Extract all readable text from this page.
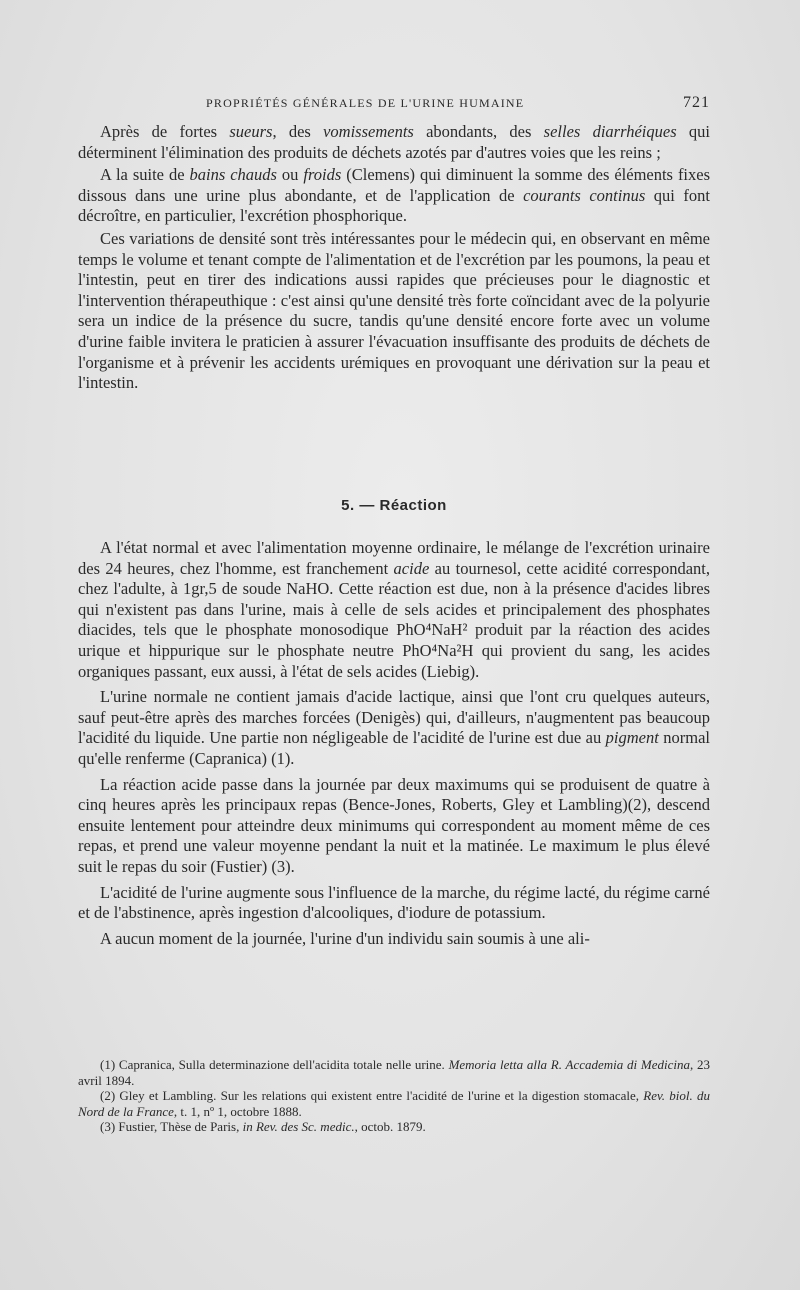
PROPRIÉTÉS GÉNÉRALES DE L'URINE HUMAINE	721

Après de fortes sueurs, des vomissements abondants, des selles diarrhéiques qui déterminent l'élimination des produits de déchets azotés par d'autres voies que les reins ;

A la suite de bains chauds ou froids (Clemens) qui diminuent la somme des éléments fixes dissous dans une urine plus abondante, et de l'application de courants continus qui font décroître, en particulier, l'excrétion phosphorique.

Ces variations de densité sont très intéressantes pour le médecin qui, en observant en même temps le volume et tenant compte de l'alimentation et de l'excrétion par les poumons, la peau et l'intestin, peut en tirer des indications aussi rapides que précieuses pour le diagnostic et l'intervention thérapeuthique : c'est ainsi qu'une densité très forte coïncidant avec de la polyurie sera un indice de la présence du sucre, tandis qu'une densité encore forte avec un volume d'urine faible invitera le praticien à assurer l'évacuation insuffisante des produits de déchets de l'organisme et à prévenir les accidents urémiques en provoquant une dérivation sur la peau et l'intestin.

5. — Réaction

A l'état normal et avec l'alimentation moyenne ordinaire, le mélange de l'excrétion urinaire des 24 heures, chez l'homme, est franchement acide au tournesol, cette acidité correspondant, chez l'adulte, à 1gr,5 de soude NaHO. Cette réaction est due, non à la présence d'acides libres qui n'existent pas dans l'urine, mais à celle de sels acides et principalement des phosphates diacides, tels que le phosphate monosodique PhO⁴NaH² produit par la réaction des acides urique et hippurique sur le phosphate neutre PhO⁴Na²H qui provient du sang, les acides organiques passant, eux aussi, à l'état de sels acides (Liebig).

L'urine normale ne contient jamais d'acide lactique, ainsi que l'ont cru quelques auteurs, sauf peut-être après des marches forcées (Denigès) qui, d'ailleurs, n'augmentent pas beaucoup l'acidité du liquide. Une partie non négligeable de l'acidité de l'urine est due au pigment normal qu'elle renferme (Capranica) (1).

La réaction acide passe dans la journée par deux maximums qui se produisent de quatre à cinq heures après les principaux repas (Bence-Jones, Roberts, Gley et Lambling)(2), descend ensuite lentement pour atteindre deux minimums qui correspondent au moment même de ces repas, et prend une valeur moyenne pendant la nuit et la matinée. Le maximum le plus élevé suit le repas du soir (Fustier) (3).

L'acidité de l'urine augmente sous l'influence de la marche, du régime lacté, du régime carné et de l'abstinence, après ingestion d'alcooliques, d'iodure de potassium.

A aucun moment de la journée, l'urine d'un individu sain soumis à une ali-

(1) Capranica, Sulla determinazione dell'acidita totale nelle urine. Memoria letta alla R. Accademia di Medicina, 23 avril 1894.

(2) Gley et Lambling. Sur les relations qui existent entre l'acidité de l'urine et la digestion stomacale, Rev. biol. du Nord de la France, t. 1, nº 1, octobre 1888.

(3) Fustier, Thèse de Paris, in Rev. des Sc. medic., octob. 1879.
